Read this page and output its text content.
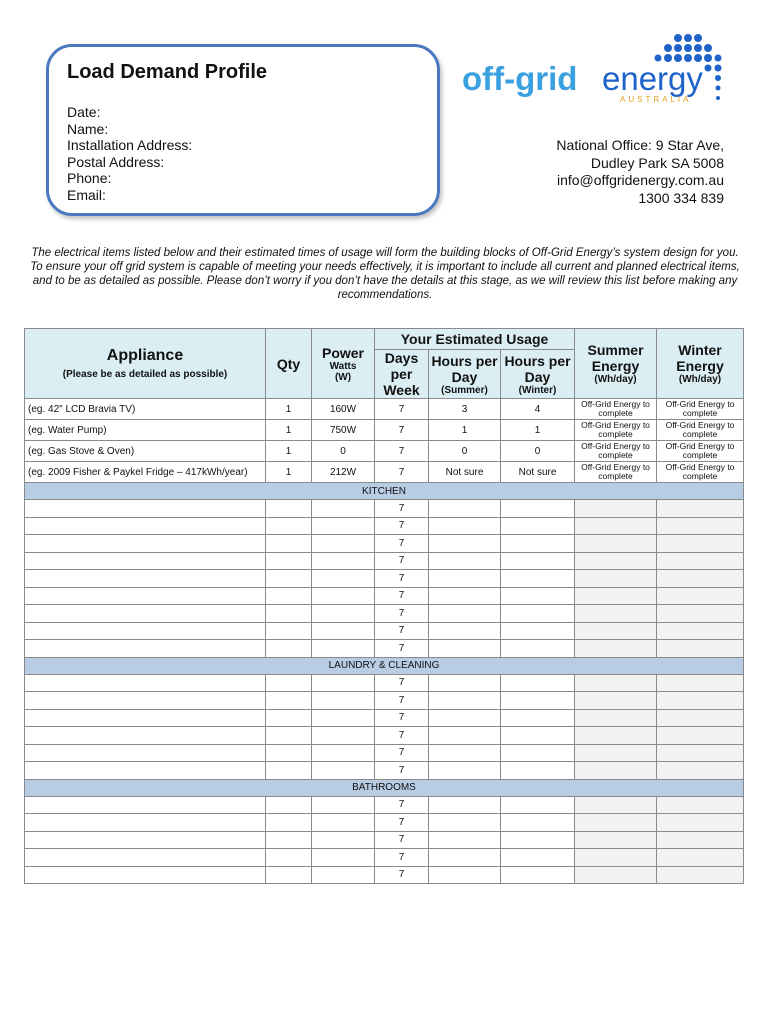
Load Demand Profile
Date:
Name:
Installation Address:
Postal Address:
Phone:
Email:
off-grid energy
AUSTRALIA
National Office: 9 Star Ave,
Dudley Park SA 5008
info@offgridenergy.com.au
1300 334 839
The electrical items listed below and their estimated times of usage will form the building blocks of Off-Grid Energy’s system design for you. To ensure your off grid system is capable of meeting your needs effectively, it is important to include all current and planned electrical items, and to be as detailed as possible. Please don’t worry if you don’t have the details at this stage, as we will review this list before making any recommendations.
Appliance
(Please be as detailed as possible)	Qty	Power
Watts
(W)	Your Estimated Usage			Summer Energy
(Wh/day)	Winter Energy
(Wh/day)

			Days per Week	Hours per Day
(Summer)	Hours per Day
(Winter)		

(eg. 42" LCD Bravia TV)	1	160W	7	3	4	Off-Grid Energy to complete	Off-Grid Energy to complete
(eg. Water Pump)	1	750W	7	1	1	Off-Grid Energy to complete	Off-Grid Energy to complete
(eg. Gas Stove & Oven)	1	0	7	0	0	Off-Grid Energy to complete	Off-Grid Energy to complete
(eg. 2009 Fisher & Paykel Fridge – 417kWh/year)	1	212W	7	Not sure	Not sure	Off-Grid Energy to complete	Off-Grid Energy to complete
KITCHEN							
			7				
			7				
			7				
			7				
			7				
			7				
			7				
			7				
			7				
LAUNDRY & CLEANING							
			7				
			7				
			7				
			7				
			7				
			7				
BATHROOMS							
			7				
			7				
			7				
			7				
			7				
